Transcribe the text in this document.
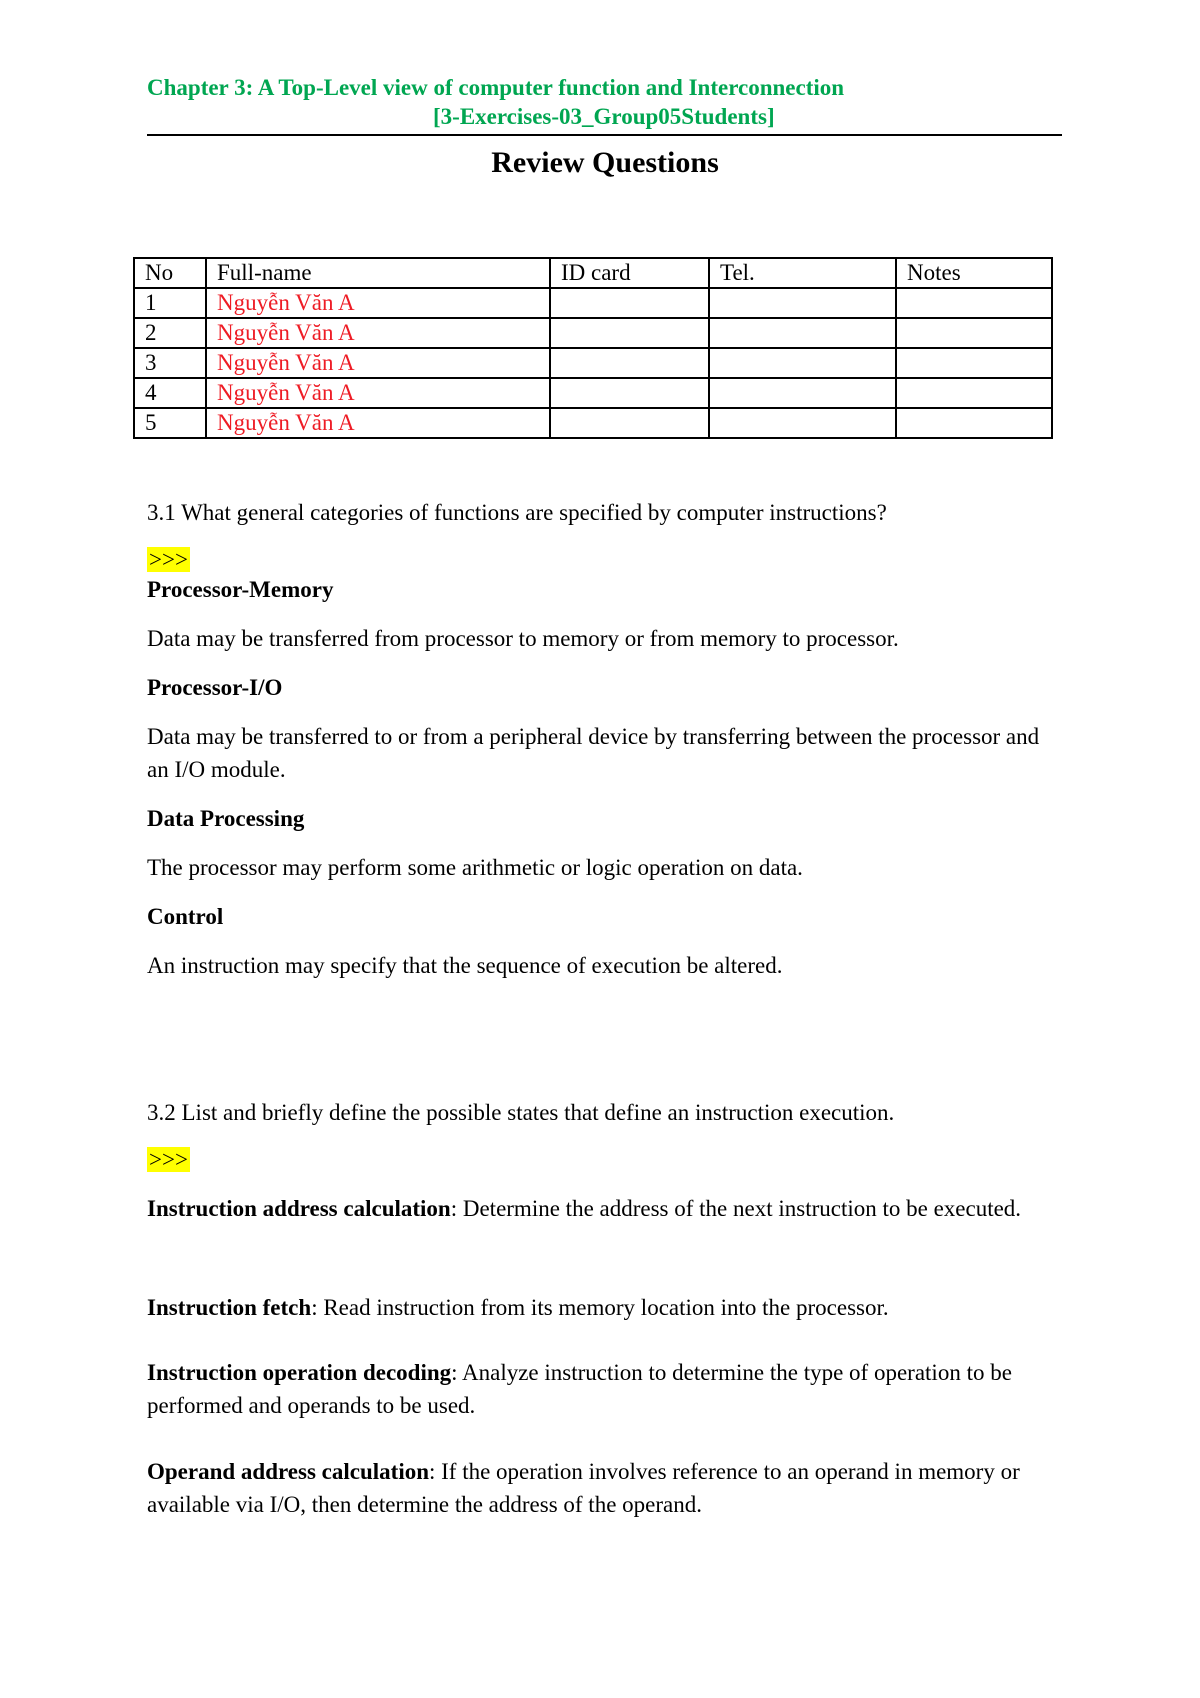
Chapter 3: A Top-Level view of computer function and Interconnection
[3-Exercises-03_Group05Students]
Review Questions
No	Full-name	ID card	Tel.	Notes
1	Nguyễn Văn A			
2	Nguyễn Văn A			
3	Nguyễn Văn A			
4	Nguyễn Văn A			
5	Nguyễn Văn A			
3.1 What general categories of functions are specified by computer instructions?
>>>
Processor-Memory
Data may be transferred from processor to memory or from memory to processor.
Processor-I/O
Data may be transferred to or from a peripheral device by transferring between the processor and an I/O module.
Data Processing
The processor may perform some arithmetic or logic operation on data.
Control
An instruction may specify that the sequence of execution be altered.
3.2 List and briefly define the possible states that define an instruction execution.
>>>
Instruction address calculation: Determine the address of the next instruction to be executed.
Instruction fetch: Read instruction from its memory location into the processor.
Instruction operation decoding: Analyze instruction to determine the type of operation to be performed and operands to be used.
Operand address calculation: If the operation involves reference to an operand in memory or available via I/O, then determine the address of the operand.
